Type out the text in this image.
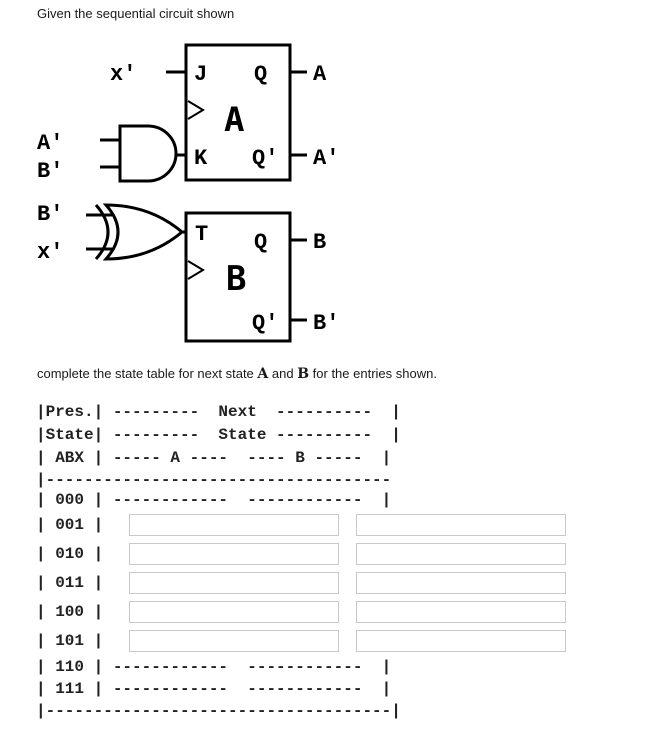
Given the sequential circuit shown
x'	J Q A
A
K Q' A'
A'
B'
B'
x'
T Q B
B
Q' B'
complete the state table for next state A and B for the entries shown.
|Pres.| ---------  Next  ----------  |
|State| ---------  State ----------  |
| ABX | ----- A ----  ---- B -----  |
|------------------------------------
| 000 | ------------  ------------  |
| 001 |
| 010 |
| 011 |
| 100 |
| 101 |
| 110 | ------------  ------------  |
| 111 | ------------  ------------  |
|------------------------------------|
